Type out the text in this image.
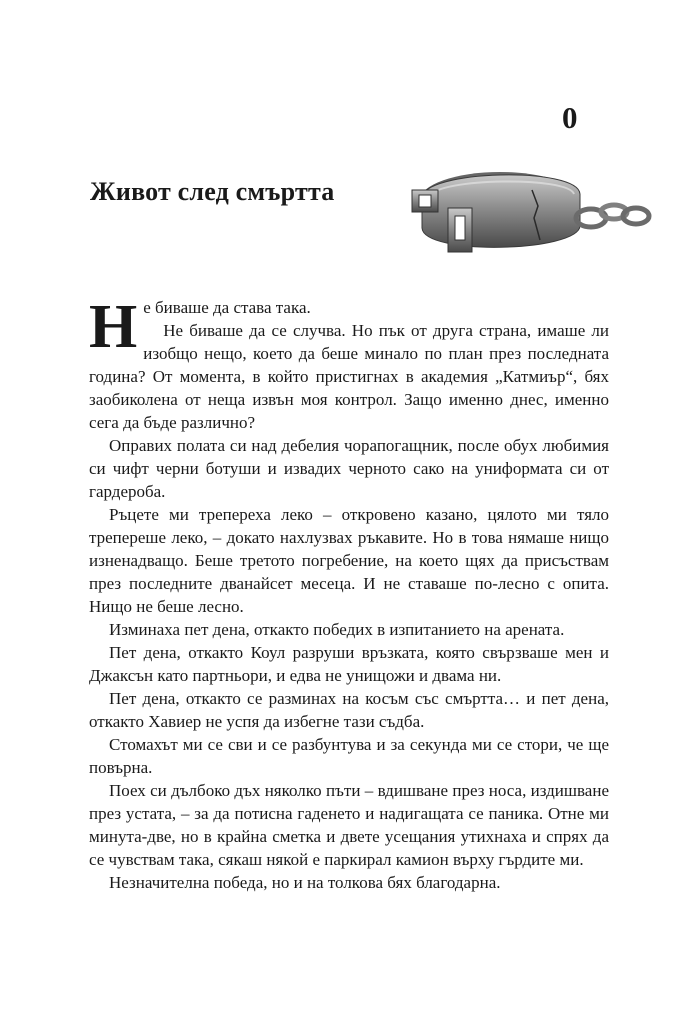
0
Живот след смъртта

Не биваше да става така.

Не биваше да се случва. Но пък от друга страна, имаше ли изобщо нещо, което да беше минало по план през последната година? От момента, в който пристигнах в академия „Катмиър“, бях заобиколена от неща извън моя контрол. Защо именно днес, именно сега да бъде различно?

Оправих полата си над дебелия чорапогащник, после обух любимия си чифт черни ботуши и извадих черното сако на униформата си от гардероба.

Ръцете ми трепереха леко – откровено казано, цялото ми тяло трепереше леко, – докато нахлузвах ръкавите. Но в това нямаше нищо изненадващо. Беше третото погребение, на което щях да присъствам през последните дванайсет месеца. И не ставаше по-лесно с опита. Нищо не беше лесно.

Изминаха пет дена, откакто победих в изпитанието на арената.

Пет дена, откакто Коул разруши връзката, която свързваше мен и Джаксън като партньори, и едва не унищожи и двама ни.

Пет дена, откакто се разминах на косъм със смъртта… и пет дена, откакто Хавиер не успя да избегне тази съдба.

Стомахът ми се сви и се разбунтува и за секунда ми се стори, че ще повърна.

Поех си дълбоко дъх няколко пъти – вдишване през носа, издишване през устата, – за да потисна гаденето и надигащата се паника. Отне ми минута-две, но в крайна сметка и двете усещания утихнаха и спрях да се чувствам така, сякаш някой е паркирал камион върху гърдите ми.

Незначителна победа, но и на толкова бях благодарна.
